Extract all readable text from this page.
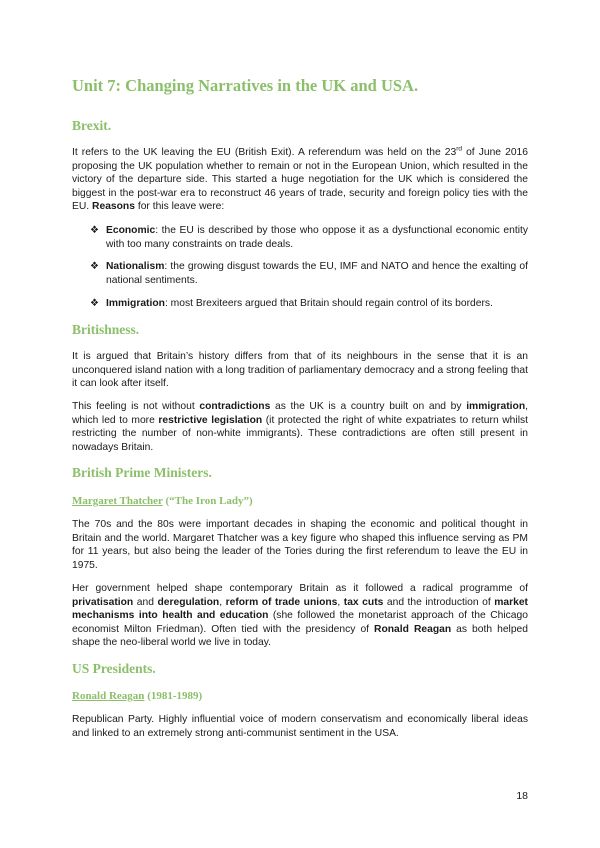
Unit 7: Changing Narratives in the UK and USA.
Brexit.

It refers to the UK leaving the EU (British Exit). A referendum was held on the 23rd of June 2016 proposing the UK population whether to remain or not in the European Union, which resulted in the victory of the departure side. This started a huge negotiation for the UK which is considered the biggest in the post-war era to reconstruct 46 years of trade, security and foreign policy ties with the EU. Reasons for this leave were:

❖ Economic: the EU is described by those who oppose it as a dysfunctional economic entity with too many constraints on trade deals.
❖ Nationalism: the growing disgust towards the EU, IMF and NATO and hence the exalting of national sentiments.
❖ Immigration: most Brexiteers argued that Britain should regain control of its borders.
Britishness.

It is argued that Britain’s history differs from that of its neighbours in the sense that it is an unconquered island nation with a long tradition of parliamentary democracy and a strong feeling that it can look after itself.

This feeling is not without contradictions as the UK is a country built on and by immigration, which led to more restrictive legislation (it protected the right of white expatriates to return whilst restricting the number of non-white immigrants). These contradictions are often still present in nowadays Britain.

British Prime Ministers.
Margaret Thatcher (“The Iron Lady”)

The 70s and the 80s were important decades in shaping the economic and political thought in Britain and the world. Margaret Thatcher was a key figure who shaped this influence serving as PM for 11 years, but also being the leader of the Tories during the first referendum to leave the EU in 1975.

Her government helped shape contemporary Britain as it followed a radical programme of privatisation and deregulation, reform of trade unions, tax cuts and the introduction of market mechanisms into health and education (she followed the monetarist approach of the Chicago economist Milton Friedman). Often tied with the presidency of Ronald Reagan as both helped shape the neo-liberal world we live in today.

US Presidents.
Ronald Reagan (1981-1989)

Republican Party. Highly influential voice of modern conservatism and economically liberal ideas and linked to an extremely strong anti-communist sentiment in the USA.

18
